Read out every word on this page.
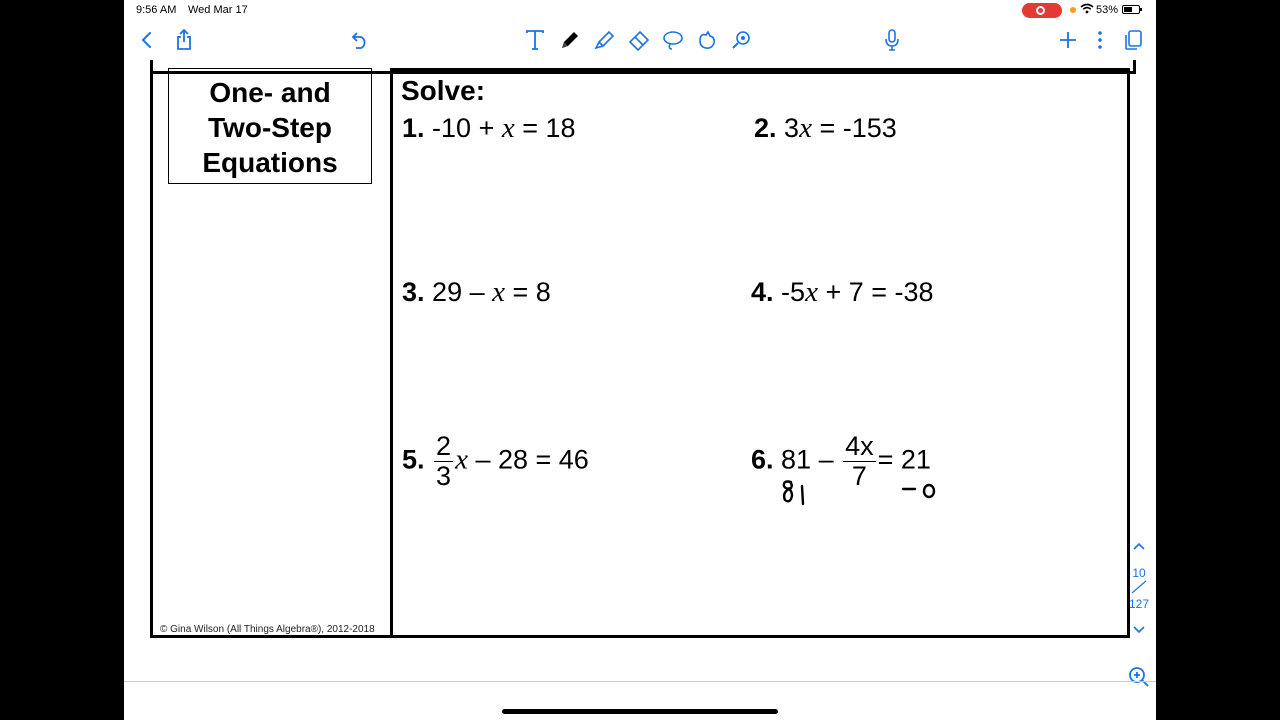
9:56 AM Wed Mar 17	53%
One- and
Two-Step
Equations
© Gina Wilson (All Things Algebra®), 2012-2018
Solve:
1. -10 + x = 18	2. 3x = -153
3. 29 – x = 8	4. -5x + 7 = -38
5. $\frac{2}{3}$ x – 28 = 46	6. $81 - \frac{4x}{7} = 21$
10
127
